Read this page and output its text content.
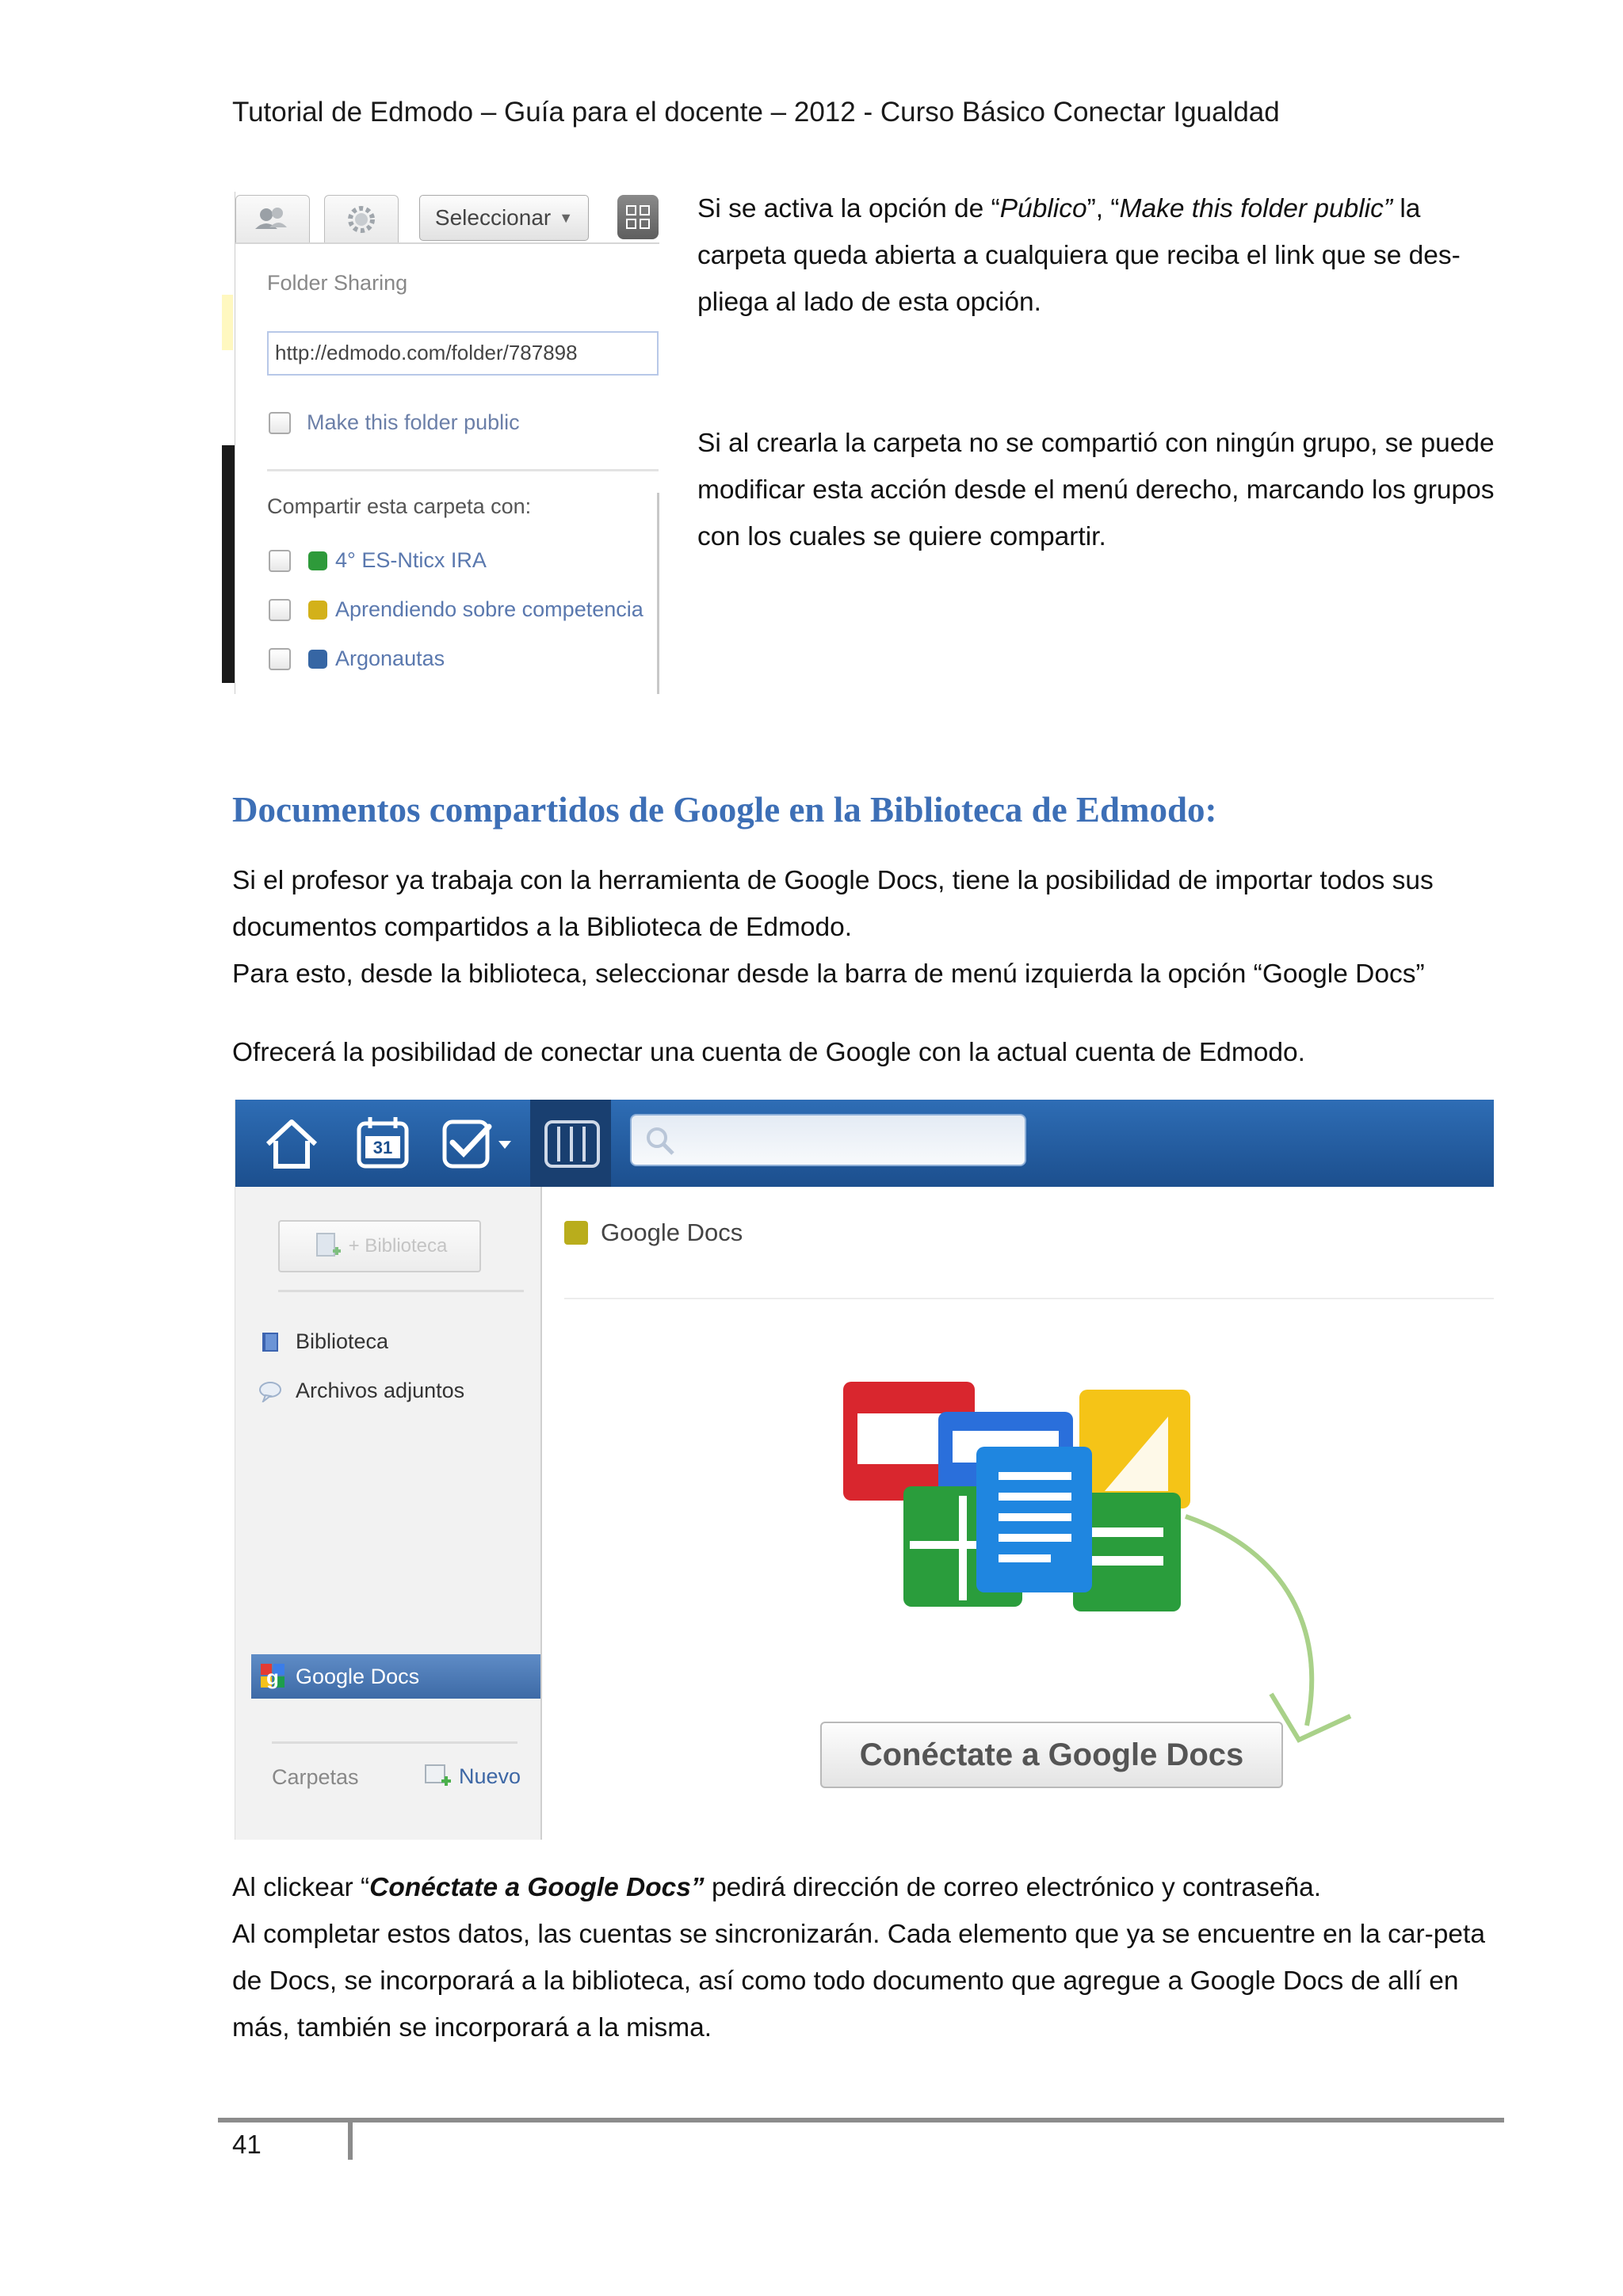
Tutorial de Edmodo – Guía para el docente – 2012 - Curso Básico Conectar Igualdad
Seleccionar ▼
Folder Sharing
http://edmodo.com/folder/787898
Make this folder public
Compartir esta carpeta con:
4° ES-Nticx IRA
Aprendiendo sobre competencia
Argonautas

Si se activa la opción de “Público”, “Make this folder public” la carpeta queda abierta a cualquiera que reciba el link que se des-pliega al lado de esta opción.

Si al crearla la carpeta no se compartió con ningún grupo, se puede modificar esta acción desde el menú derecho, marcando los grupos con los cuales se quiere compartir.
Documentos compartidos de Google en la Biblioteca de Edmodo:

Si el profesor ya trabaja con la herramienta de Google Docs, tiene la posibilidad de importar todos sus documentos compartidos a la Biblioteca de Edmodo.

Para esto, desde la biblioteca, seleccionar desde la barra de menú izquierda la opción “Google Docs”

Ofrecerá la posibilidad de conectar una cuenta de Google con la actual cuenta de Edmodo.

31
+ Biblioteca
Biblioteca
Archivos adjuntos
g Google Docs
Carpetas	Nuevo
Google Docs
Conéctate a Google Docs

Al clickear “Conéctate a Google Docs” pedirá dirección de correo electrónico y contraseña.

Al completar estos datos, las cuentas se sincronizarán. Cada elemento que ya se encuentre en la car-peta de Docs, se incorporará a la biblioteca, así como todo documento que agregue a Google Docs de allí en más, también se incorporará a la misma.

41
